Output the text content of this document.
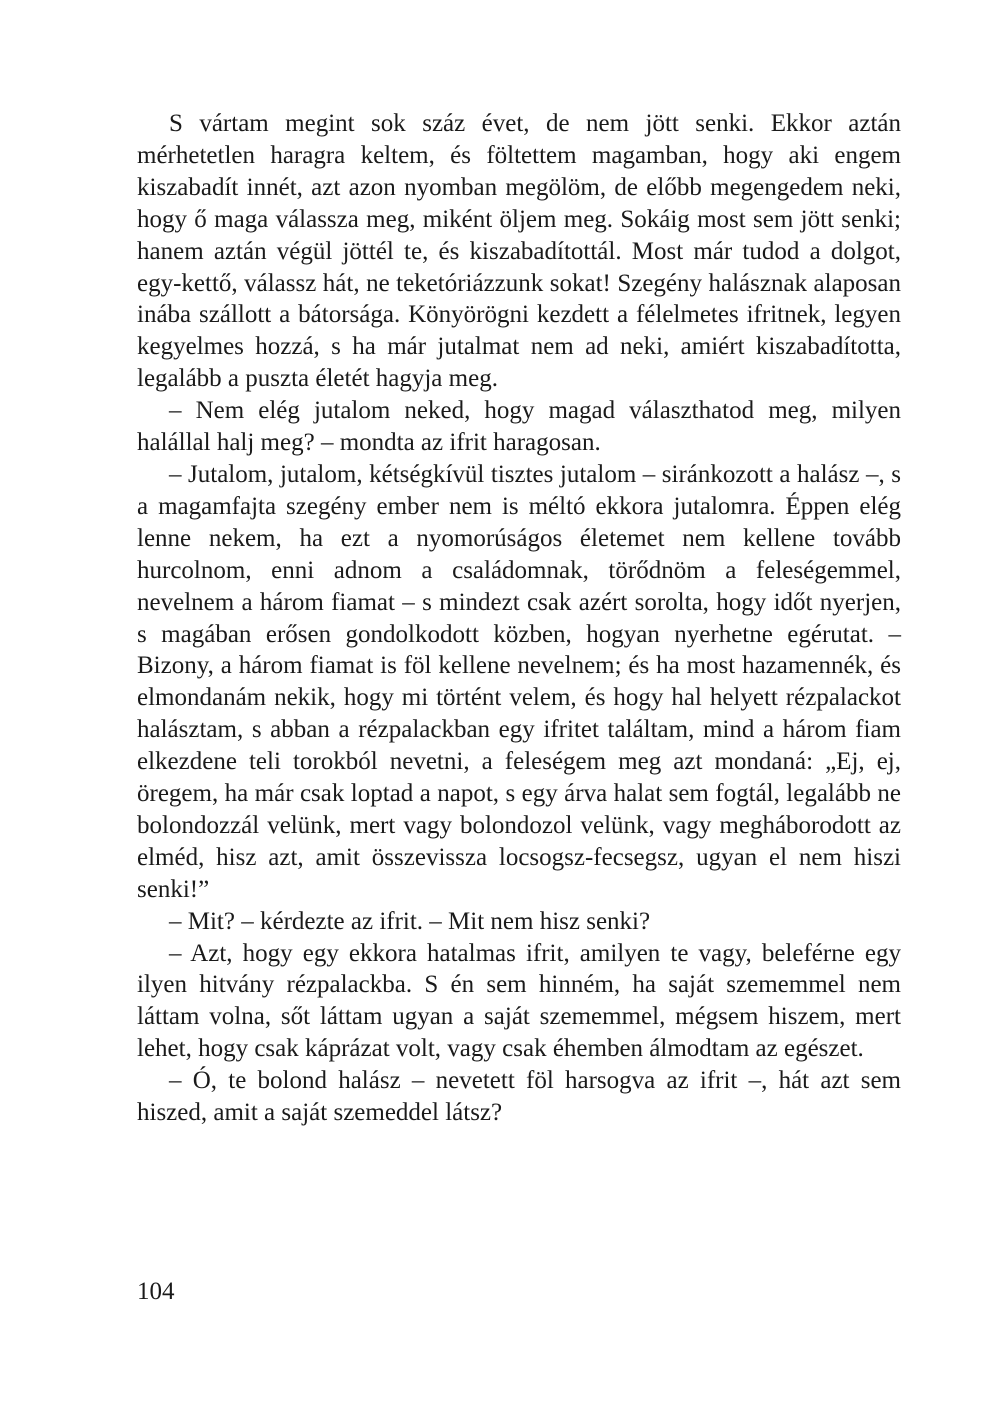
S vártam megint sok száz évet, de nem jött senki. Ekkor aztán mérhetetlen haragra keltem, és föltettem magamban, hogy aki engem kiszabadít innét, azt azon nyomban megölöm, de előbb megengedem neki, hogy ő maga válassza meg, miként öljem meg. Sokáig most sem jött senki; hanem aztán végül jöttél te, és kiszabadítottál. Most már tudod a dolgot, egy-kettő, válassz hát, ne teketóriázzunk sokat! Szegény halásznak alaposan inába szállott a bátorsága. Könyörögni kezdett a félelmetes ifritnek, legyen kegyelmes hozzá, s ha már jutalmat nem ad neki, amiért kiszabadította, legalább a puszta életét hagyja meg.

– Nem elég jutalom neked, hogy magad választhatod meg, milyen halállal halj meg? – mondta az ifrit haragosan.

– Jutalom, jutalom, kétségkívül tisztes jutalom – siránkozott a halász –, s a magamfajta szegény ember nem is méltó ekkora jutalomra. Éppen elég lenne nekem, ha ezt a nyomorúságos életemet nem kellene tovább hurcolnom, enni adnom a családomnak, törődnöm a feleségemmel, nevelnem a három fiamat – s mindezt csak azért sorolta, hogy időt nyerjen, s magában erősen gondolkodott közben, hogyan nyerhetne egérutat. – Bizony, a három fiamat is föl kellene nevelnem; és ha most hazamennék, és elmondanám nekik, hogy mi történt velem, és hogy hal helyett rézpalackot halásztam, s abban a rézpalackban egy ifritet találtam, mind a három fiam elkezdene teli torokból nevetni, a feleségem meg azt mondaná: „Ej, ej, öregem, ha már csak loptad a napot, s egy árva halat sem fogtál, legalább ne bolondozzál velünk, mert vagy bolondozol velünk, vagy megháborodott az elméd, hisz azt, amit összevissza locsogsz-fecsegsz, ugyan el nem hiszi senki!”

– Mit? – kérdezte az ifrit. – Mit nem hisz senki?

– Azt, hogy egy ekkora hatalmas ifrit, amilyen te vagy, beleférne egy ilyen hitvány rézpalackba. S én sem hinném, ha saját szememmel nem láttam volna, sőt láttam ugyan a saját szememmel, mégsem hiszem, mert lehet, hogy csak káprázat volt, vagy csak éhemben álmodtam az egészet.

– Ó, te bolond halász – nevetett föl harsogva az ifrit –, hát azt sem hiszed, amit a saját szemeddel látsz?

104
